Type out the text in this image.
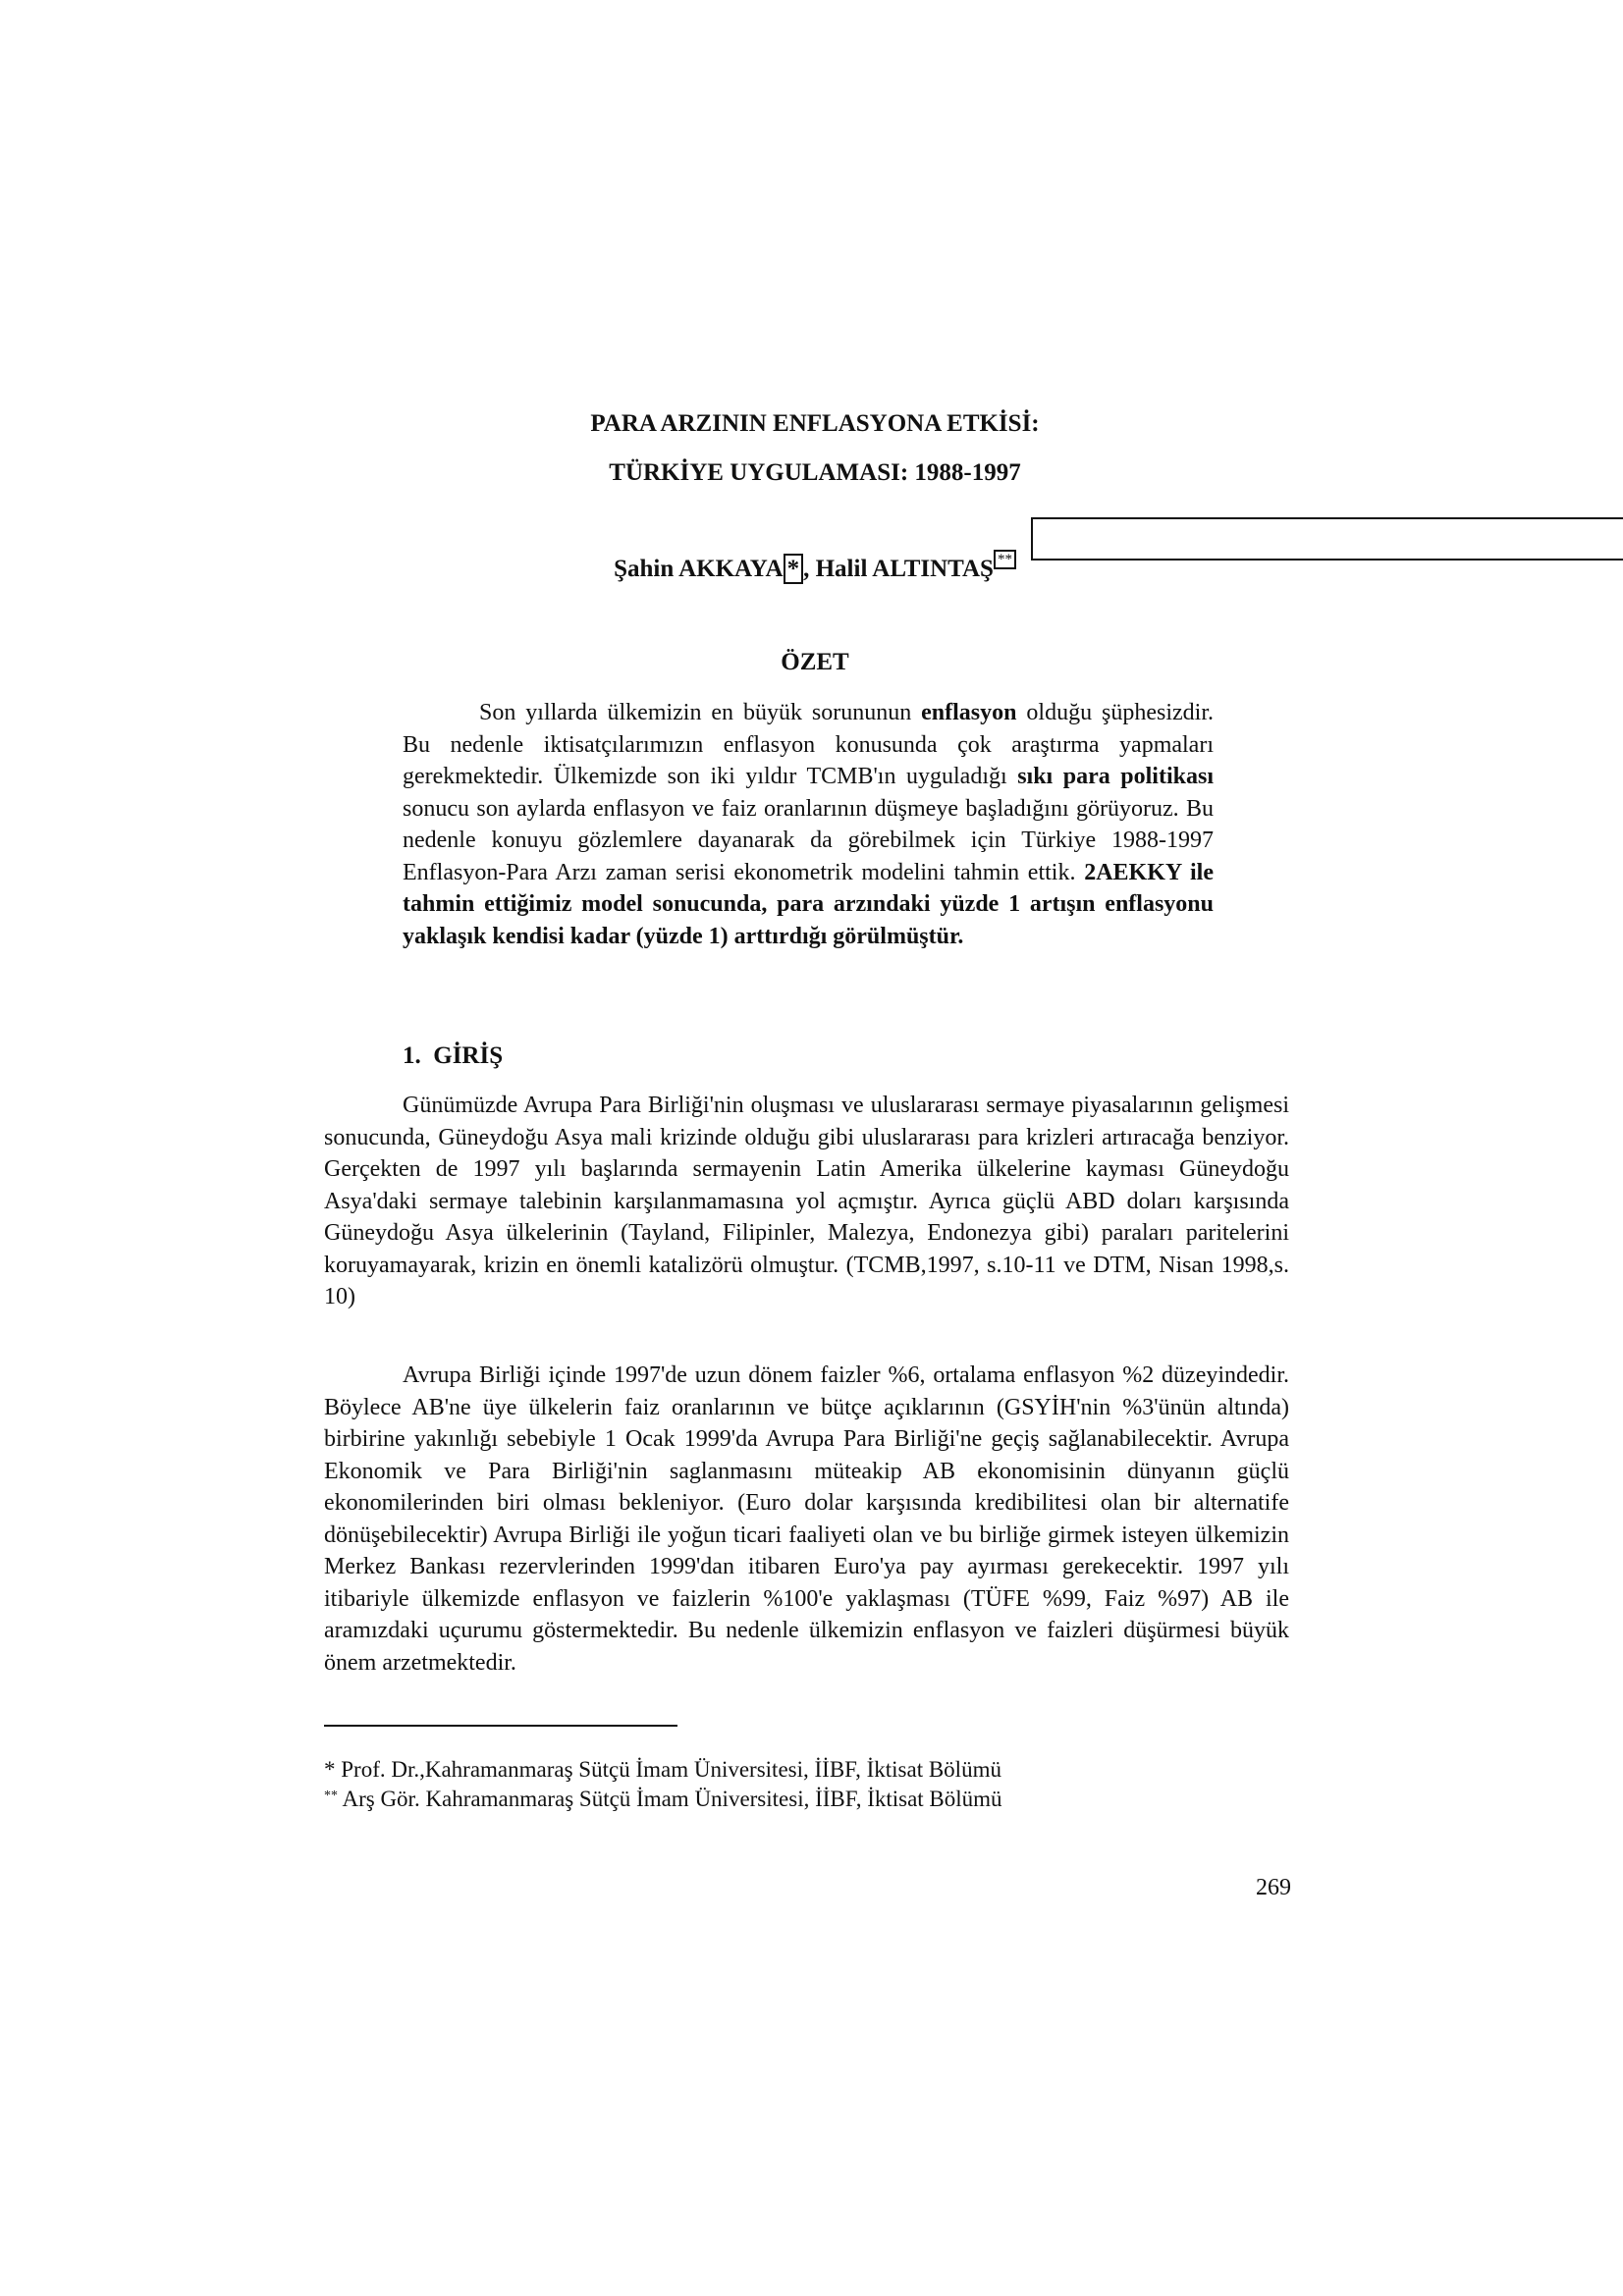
PARA ARZININ ENFLASYONA ETKİSİ:
TÜRKİYE UYGULAMASI: 1988-1997
Şahin AKKAYA * , Halil ALTINTAŞ **
ÖZET

Son yıllarda ülkemizin en büyük sorununun enflasyon olduğu şüphesizdir. Bu nedenle iktisatçılarımızın enflasyon konusunda çok araştırma yapmaları gerekmektedir. Ülkemizde son iki yıldır TCMB'ın uyguladığı sıkı para politikası sonucu son aylarda enflasyon ve faiz oranlarının düşmeye başladığını görüyoruz. Bu nedenle konuyu gözlemlere dayanarak da görebilmek için Türkiye 1988-1997 Enflasyon-Para Arzı zaman serisi ekonometrik modelini tahmin ettik. 2AEKKY ile tahmin ettiğimiz model sonucunda, para arzındaki yüzde 1 artışın enflasyonu yaklaşık kendisi kadar (yüzde 1) arttırdığı görülmüştür.

1. GİRİŞ

Günümüzde Avrupa Para Birliği'nin oluşması ve uluslararası sermaye piyasalarının gelişmesi sonucunda, Güneydoğu Asya mali krizinde olduğu gibi uluslararası para krizleri artıracağa benziyor. Gerçekten de 1997 yılı başlarında sermayenin Latin Amerika ülkelerine kayması Güneydoğu Asya'daki sermaye talebinin karşılanmamasına yol açmıştır. Ayrıca güçlü ABD doları karşısında Güneydoğu Asya ülkelerinin (Tayland, Filipinler, Malezya, Endonezya gibi) paraları paritelerini koruyamayarak, krizin en önemli katalizörü olmuştur. (TCMB,1997, s.10-11 ve DTM, Nisan 1998,s. 10)

Avrupa Birliği içinde 1997'de uzun dönem faizler %6, ortalama enflasyon %2 düzeyindedir. Böylece AB'ne üye ülkelerin faiz oranlarının ve bütçe açıklarının (GSYİH'nin %3'ünün altında) birbirine yakınlığı sebebiyle 1 Ocak 1999'da Avrupa Para Birliği'ne geçiş sağlanabilecektir. Avrupa Ekonomik ve Para Birliği'nin saglanmasını müteakip AB ekonomisinin dünyanın güçlü ekonomilerinden biri olması bekleniyor. (Euro dolar karşısında kredibilitesi olan bir alternatife dönüşebilecektir) Avrupa Birliği ile yoğun ticari faaliyeti olan ve bu birliğe girmek isteyen ülkemizin Merkez Bankası rezervlerinden 1999'dan itibaren Euro'ya pay ayırması gerekecektir. 1997 yılı itibariyle ülkemizde enflasyon ve faizlerin %100'e yaklaşması (TÜFE %99, Faiz %97) AB ile aramızdaki uçurumu göstermektedir. Bu nedenle ülkemizin enflasyon ve faizleri düşürmesi büyük önem arzetmektedir.

* Prof. Dr.,Kahramanmaraş Sütçü İmam Üniversitesi, İİBF, İktisat Bölümü
** Arş Gör. Kahramanmaraş Sütçü İmam Üniversitesi, İİBF, İktisat Bölümü
269
